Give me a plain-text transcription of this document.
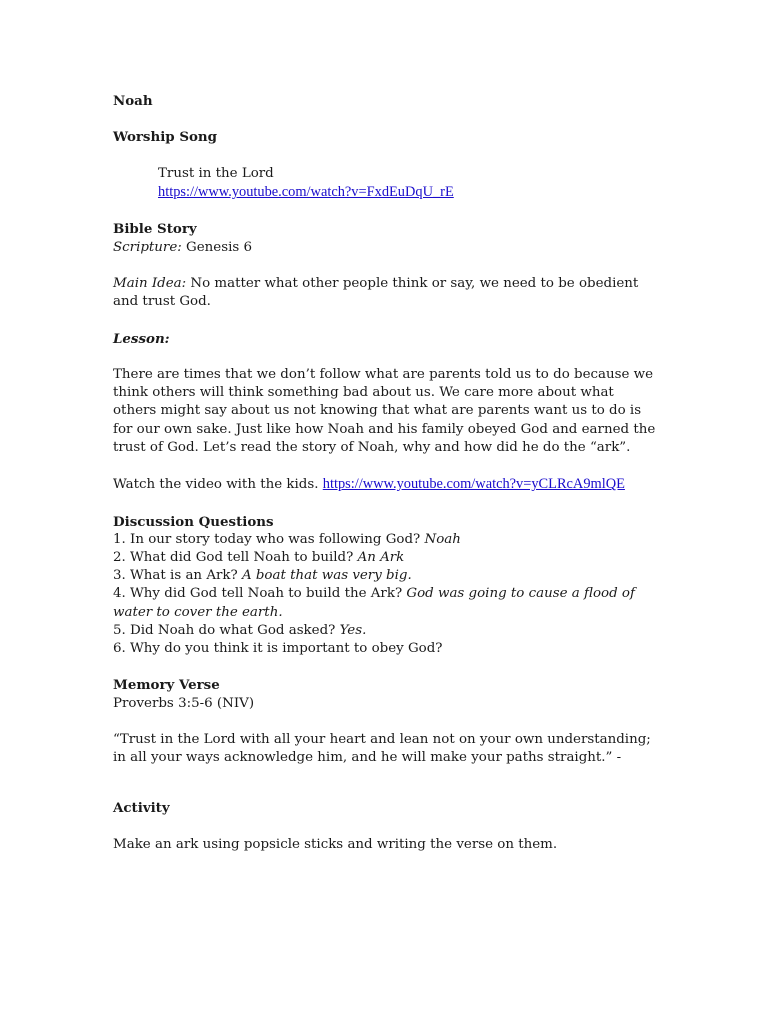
Noah

Worship Song

Trust in the Lord

https://www.youtube.com/watch?v=FxdEuDqU_rE

Bible Story

Scripture: Genesis 6

Main Idea: No matter what other people think or say, we need to be obedient and trust God.

Lesson:

There are times that we don’t follow what are parents told us to do because we think others will think something bad about us. We care more about what others might say about us not knowing that what are parents want us to do is for our own sake. Just like how Noah and his family obeyed God and earned the trust of God. Let’s read the story of Noah, why and how did he do the “ark”.

Watch the video with the kids. https://www.youtube.com/watch?v=yCLRcA9mlQE

Discussion Questions

1. In our story today who was following God? Noah

2. What did God tell Noah to build? An Ark

3. What is an Ark? A boat that was very big.

4. Why did God tell Noah to build the Ark? God was going to cause a flood of water to cover the earth.

5. Did Noah do what God asked? Yes.

6. Why do you think it is important to obey God?

Memory Verse

Proverbs 3:5-6 (NIV)

“Trust in the Lord with all your heart and lean not on your own understanding; in all your ways acknowledge him, and he will make your paths straight.” -

Activity

Make an ark using popsicle sticks and writing the verse on them.
